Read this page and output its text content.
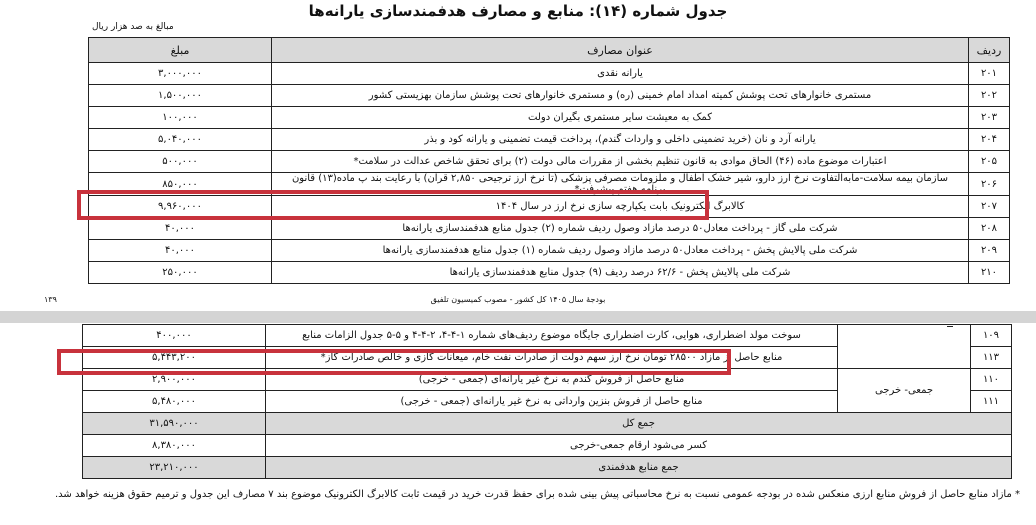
جدول شماره (۱۴): منابع و مصارف هدفمندسازی یارانه‌ها
مبالغ به صد هزار ریال
ردیف	عنوان مصارف	مبلغ
۲۰۱	یارانه نقدی	۳,۰۰۰,۰۰۰
۲۰۲	مستمری خانوارهای تحت پوشش کمیته امداد امام خمینی (ره) و مستمری خانوارهای تحت پوشش سازمان بهزیستی کشور	۱,۵۰۰,۰۰۰
۲۰۳	کمک به معیشت سایر مستمری بگیران دولت	۱۰۰,۰۰۰
۲۰۴	یارانه آرد و نان (خرید تضمینی داخلی و واردات گندم)، پرداخت قیمت تضمینی و یارانه کود و بذر	۵,۰۴۰,۰۰۰
۲۰۵	اعتبارات موضوع ماده (۴۶) الحاق موادی به قانون تنظیم بخشی از مقررات مالی دولت (۲) برای تحقق شاخص عدالت در سلامت*	۵۰۰,۰۰۰
۲۰۶	سازمان بیمه سلامت-مابه‌التفاوت نرخ ارز دارو، شیر خشک اطفال و ملزومات مصرفی پزشکی (تا نرخ ارز ترجیحی ۲,۸۵۰ قران) با رعایت بند پ ماده(۱۳) قانون برنامه هفتم پیشرفت*	۸۵۰,۰۰۰
۲۰۷	کالابرگ الکترونیک بابت یکپارچه سازی نرخ ارز در سال ۱۴۰۴	۹,۹۶۰,۰۰۰
۲۰۸	شرکت ملی گاز - پرداخت معادل۵۰ درصد مازاد وصول ردیف شماره (۲) جدول منابع هدفمندسازی یارانه‌ها	۴۰,۰۰۰
۲۰۹	شرکت ملی پالایش پخش - پرداخت معادل۵۰ درصد مازاد وصول ردیف شماره (۱) جدول منابع هدفمندسازی یارانه‌ها	۴۰,۰۰۰
۲۱۰	شرکت ملی پالایش پخش - ۶۲/۶ درصد ردیف (۹) جدول منابع هدفمندسازی یارانه‌ها	۲۵۰,۰۰۰
۱۳۹	بودجهٔ سال ۱۴۰۵ کل کشور - مصوب کمیسیون تلفیق
۱۰۹		سوخت مولد اضطراری، هوایی، کارت اضطراری جایگاه موضوع ردیف‌های شماره ۱-۴-۴، ۲-۴-۴ و ۵-۵ جدول الزامات منابع	۴۰۰,۰۰۰
۱۱۳		منابع حاصل از مازاد ۲۸۵۰۰ تومان نرخ ارز سهم دولت از صادرات نفت خام، میعانات گازی و خالص صادرات گاز*	۵,۴۴۳,۲۰۰
۱۱۰	جمعی- خرجی	منابع حاصل از فروش گندم به نرخ غیر یارانه‌ای (جمعی - خرجی)	۲,۹۰۰,۰۰۰
۱۱۱		منابع حاصل از فروش بنزین وارداتی به نرخ غیر یارانه‌ای (جمعی - خرجی)	۵,۴۸۰,۰۰۰
جمع کل			۳۱,۵۹۰,۰۰۰
کسر می‌شود ارقام جمعی-خرجی			۸,۳۸۰,۰۰۰
جمع منابع هدفمندی			۲۳,۲۱۰,۰۰۰
* مازاد منابع حاصل از فروش منابع ارزی منعکس شده در بودجه عمومی نسبت به نرخ محاسباتی پیش بینی شده برای حفظ قدرت خرید در قیمت ثابت کالابرگ الکترونیک موضوع بند ۷ مصارف این جدول و ترمیم حقوق هزینه خواهد شد.
